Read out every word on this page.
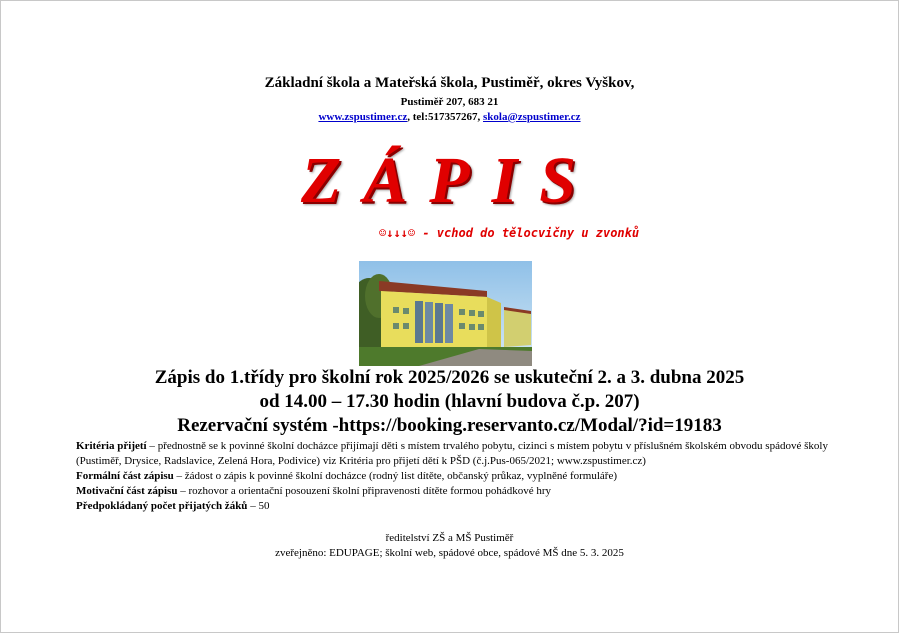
Základní škola a Mateřská škola, Pustiměř, okres Vyškov,
Pustiměř 207, 683 21
www.zspustimer.cz, tel:517357267, skola@zspustimer.cz
ZÁPIS
☺↓↓↓☺ - vchod do tělocvičny u zvonků
Zápis do 1.třídy pro školní rok 2025/2026 se uskuteční 2. a 3. dubna 2025
od 14.00 – 17.30 hodin (hlavní budova č.p. 207)
Rezervační systém -https://booking.reservanto.cz/Modal/?id=19183

Kritéria přijetí – přednostně se k povinné školní docházce přijímají děti s místem trvalého pobytu, cizinci s místem pobytu v příslušném školském obvodu spádové školy (Pustiměř, Drysice, Radslavice, Zelená Hora, Podivice) viz Kritéria pro přijetí dětí k PŠD (č.j.Pus-065/2021; www.zspustimer.cz)

Formální část zápisu – žádost o zápis k povinné školní docházce (rodný list dítěte, občanský průkaz, vyplněné formuláře)

Motivační část zápisu – rozhovor a orientační posouzení školní připravenosti dítěte formou pohádkové hry

Předpokládaný počet přijatých žáků – 50

ředitelství ZŠ a MŠ Pustiměř
zveřejněno: EDUPAGE; školní web, spádové obce, spádové MŠ dne 5. 3. 2025
